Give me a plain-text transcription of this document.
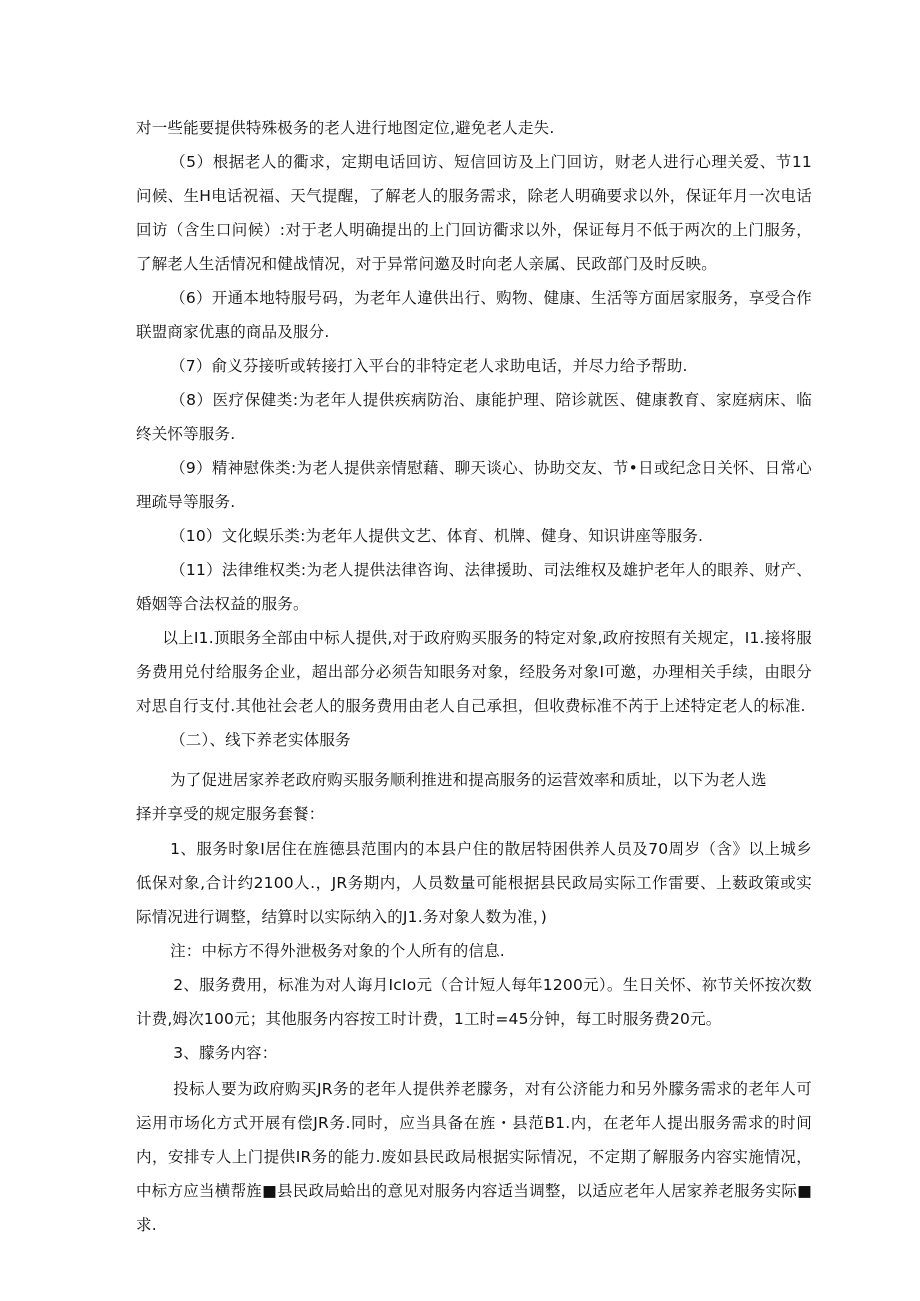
对一些能要提供特殊极务的老人进行地图定位,避免老人走失.

（5）根据老人的衢求，定期电话回访、短信回访及上门回访，财老人进行心理关爱、节11问候、生H电话祝福、天气提醒，了解老人的服务需求，除老人明确要求以外，保证年月一次电话回访（含生口问候）:对于老人明确提出的上门回访衢求以外，保证每月不低于两次的上门服务，了解老人生活情况和健战情况，对于异常问邀及时向老人亲属、民政部门及时反映。

（6）开通本地特服号码，为老年人違供出行、购物、健康、生活等方面居家服务，享受合作联盟商家优惠的商品及服分.

（7）俞义芬接听或转接打入平台的非特定老人求助电话，并尽力给予帮助.

（8）医疗保健类:为老年人提供疾病防治、康能护理、陪诊就医、健康教育、家庭病床、临终关怀等服务.

（9）精神慰侏类:为老人提供亲情慰藉、聊天谈心、协助交友、节•日或纪念日关怀、日常心理疏导等服务.

（10）文化蜈乐类:为老年人提供文艺、体育、机牌、健身、知识讲座等服务.

（11）法律维权类:为老人提供法律咨询、法律援助、司法维权及雄护老年人的眼养、财产、婚姻等合法权益的服务。

以上I1.顶眼务全部由中标人提供,对于政府购买服务的特定对象,政府按照有关规定，I1.接将服务费用兑付给服务企业，超出部分必须告知眼务对象，经股务对象I可邀，办理相关手续，由眼分对思自行支付.其他社会老人的服务费用由老人自己承担，但收费标准不芮于上述特定老人的标准.

（二）、线下养老实体服务

为了促进居家养老政府购买服务顺利推进和提高服务的运营效率和质址，以下为老人选

择并享受的规定服务套餐：

1、服务时象I居住在旌德县范围内的本县户住的散居特困供养人员及70周岁（含》以上城乡低保对象,合计约2100人.，JR务期内，人员数量可能根据县民政局实际工作雷要、上薮政策或实际情况进行调整，结算时以实际纳入的J1.务对象人数为准，)

注：中标方不得外泄极务对象的个人所有的信息.

2、服务费用，标准为对人诲月IcIo元（合计短人每年1200元）。生日关怀、祢节关怀按次数计费,姆次100元；其他服务内容按工时计费，1工时=45分钟，每工时服务费20元。

3、朦务内容：

投标人要为政府购买JR务的老年人提供养老朦务，对有公济能力和另外朦务需求的老年人可运用市场化方式开展有偿JR务.同时，应当具备在旌・县范B1.内，在老年人提出服务需求的时间内，安排专人上门提供IR务的能力.废如县民政局根据实际情况，不定期了解服务内容实施情况，中标方应当横帮旌■县民政局蛤出的意见对服务内容适当调整，以适应老年人居家养老服务实际■求.
